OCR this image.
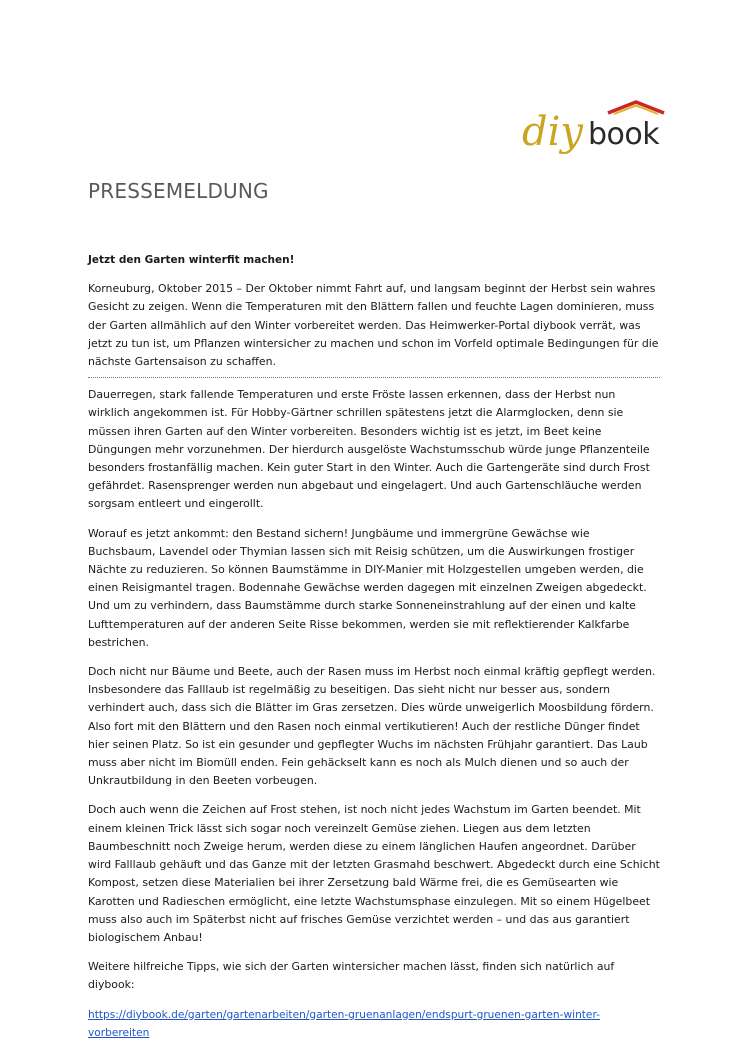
diy book
PRESSEMELDUNG

Jetzt den Garten winterfit machen!

Korneuburg, Oktober 2015 – Der Oktober nimmt Fahrt auf, und langsam beginnt der Herbst sein wahres Gesicht zu zeigen. Wenn die Temperaturen mit den Blättern fallen und feuchte Lagen dominieren, muss der Garten allmählich auf den Winter vorbereitet werden. Das Heimwerker-Portal diybook verrät, was jetzt zu tun ist, um Pflanzen wintersicher zu machen und schon im Vorfeld optimale Bedingungen für die nächste Gartensaison zu schaffen.

Dauerregen, stark fallende Temperaturen und erste Fröste lassen erkennen, dass der Herbst nun wirklich angekommen ist. Für Hobby-Gärtner schrillen spätestens jetzt die Alarmglocken, denn sie müssen ihren Garten auf den Winter vorbereiten. Besonders wichtig ist es jetzt, im Beet keine Düngungen mehr vorzunehmen. Der hierdurch ausgelöste Wachstumsschub würde junge Pflanzenteile besonders frostanfällig machen. Kein guter Start in den Winter. Auch die Gartengeräte sind durch Frost gefährdet. Rasensprenger werden nun abgebaut und eingelagert. Und auch Gartenschläuche werden sorgsam entleert und eingerollt.

Worauf es jetzt ankommt: den Bestand sichern! Jungbäume und immergrüne Gewächse wie Buchsbaum, Lavendel oder Thymian lassen sich mit Reisig schützen, um die Auswirkungen frostiger Nächte zu reduzieren. So können Baumstämme in DIY-Manier mit Holzgestellen umgeben werden, die einen Reisigmantel tragen. Bodennahe Gewächse werden dagegen mit einzelnen Zweigen abgedeckt. Und um zu verhindern, dass Baumstämme durch starke Sonneneinstrahlung auf der einen und kalte Lufttemperaturen auf der anderen Seite Risse bekommen, werden sie mit reflektierender Kalkfarbe bestrichen.

Doch nicht nur Bäume und Beete, auch der Rasen muss im Herbst noch einmal kräftig gepflegt werden. Insbesondere das Falllaub ist regelmäßig zu beseitigen. Das sieht nicht nur besser aus, sondern verhindert auch, dass sich die Blätter im Gras zersetzen. Dies würde unweigerlich Moosbildung fördern. Also fort mit den Blättern und den Rasen noch einmal vertikutieren! Auch der restliche Dünger findet hier seinen Platz. So ist ein gesunder und gepflegter Wuchs im nächsten Frühjahr garantiert. Das Laub muss aber nicht im Biomüll enden. Fein gehäckselt kann es noch als Mulch dienen und so auch der Unkrautbildung in den Beeten vorbeugen.

Doch auch wenn die Zeichen auf Frost stehen, ist noch nicht jedes Wachstum im Garten beendet. Mit einem kleinen Trick lässt sich sogar noch vereinzelt Gemüse ziehen. Liegen aus dem letzten Baumbeschnitt noch Zweige herum, werden diese zu einem länglichen Haufen angeordnet. Darüber wird Falllaub gehäuft und das Ganze mit der letzten Grasmahd beschwert. Abgedeckt durch eine Schicht Kompost, setzen diese Materialien bei ihrer Zersetzung bald Wärme frei, die es Gemüsearten wie Karotten und Radieschen ermöglicht, eine letzte Wachstumsphase einzulegen. Mit so einem Hügelbeet muss also auch im Späterbst nicht auf frisches Gemüse verzichtet werden – und das aus garantiert biologischem Anbau!

Weitere hilfreiche Tipps, wie sich der Garten wintersicher machen lässt, finden sich natürlich auf diybook:

https://diybook.de/garten/gartenarbeiten/garten-gruenanlagen/endspurt-gruenen-garten-winter-vorbereiten
